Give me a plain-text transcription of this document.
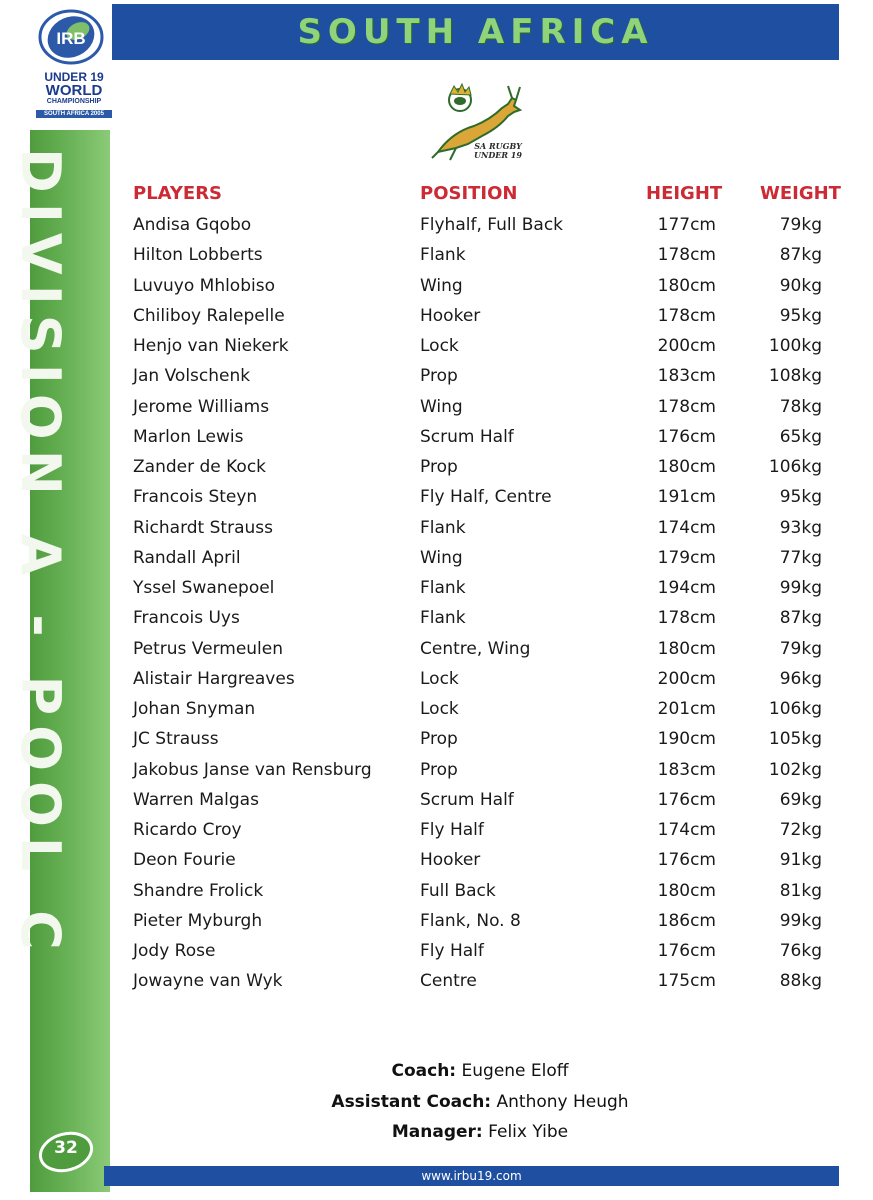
DIVISION A - POOL C
IRB
UNDER 19
WORLD
CHAMPIONSHIP
SOUTH AFRICA 2005
SOUTH AFRICA
SA RUGBY
UNDER 19
PLAYERS	POSITION	HEIGHT WEIGHT
Andisa Gqobo	Flyhalf, Full Back	177cm	79kg
Hilton Lobberts	Flank	178cm	87kg
Luvuyo Mhlobiso	Wing	180cm	90kg
Chiliboy Ralepelle	Hooker	178cm	95kg
Henjo van Niekerk	Lock	200cm	100kg
Jan Volschenk	Prop	183cm	108kg
Jerome Williams	Wing	178cm	78kg
Marlon Lewis	Scrum Half	176cm	65kg
Zander de Kock	Prop	180cm	106kg
Francois Steyn	Fly Half, Centre	191cm	95kg
Richardt Strauss	Flank	174cm	93kg
Randall April	Wing	179cm	77kg
Yssel Swanepoel	Flank	194cm	99kg
Francois Uys	Flank	178cm	87kg
Petrus Vermeulen	Centre, Wing	180cm	79kg
Alistair Hargreaves	Lock	200cm	96kg
Johan Snyman	Lock	201cm	106kg
JC Strauss	Prop	190cm	105kg
Jakobus Janse van Rensburg	Prop	183cm	102kg
Warren Malgas	Scrum Half	176cm	69kg
Ricardo Croy	Fly Half	174cm	72kg
Deon Fourie	Hooker	176cm	91kg
Shandre Frolick	Full Back	180cm	81kg
Pieter Myburgh	Flank, No. 8	186cm	99kg
Jody Rose	Fly Half	176cm	76kg
Jowayne van Wyk	Centre	175cm	88kg
Coach: Eugene Eloff
Assistant Coach: Anthony Heugh
Manager: Felix Yibe
32
www.irbu19.com
